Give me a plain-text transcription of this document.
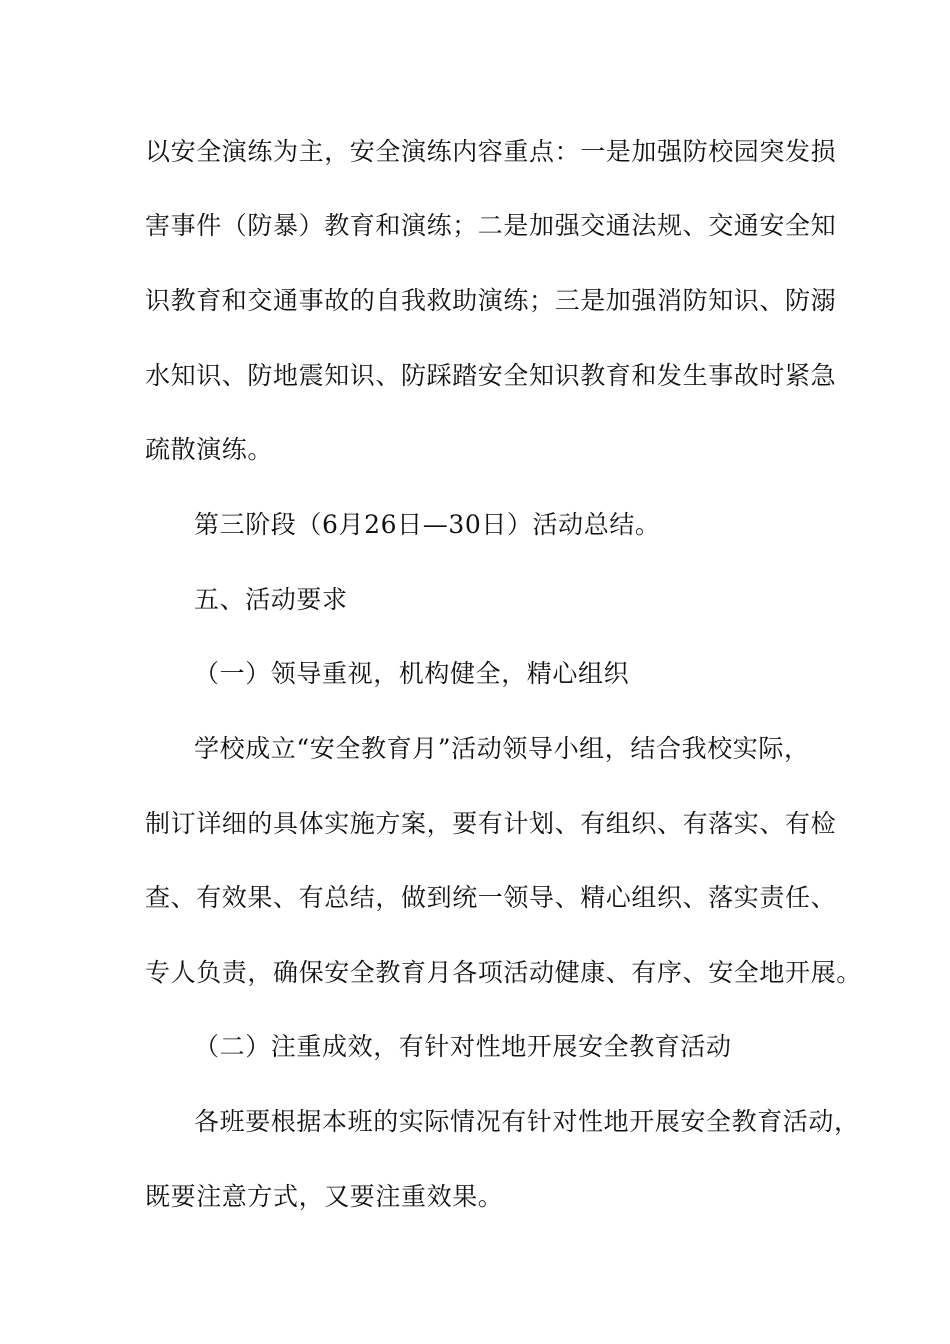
以安全演练为主，安全演练内容重点：一是加强防校园突发损
害事件（防暴）教育和演练；二是加强交通法规、交通安全知
识教育和交通事故的自我救助演练；三是加强消防知识、防溺
水知识、防地震知识、防踩踏安全知识教育和发生事故时紧急
疏散演练。
第三阶段（6月26日—30日）活动总结。
五、活动要求
（一）领导重视，机构健全，精心组织
学校成立“安全教育月”活动领导小组，结合我校实际，
制订详细的具体实施方案，要有计划、有组织、有落实、有检
查、有效果、有总结，做到统一领导、精心组织、落实责任、
专人负责，确保安全教育月各项活动健康、有序、安全地开展。
（二）注重成效，有针对性地开展安全教育活动
各班要根据本班的实际情况有针对性地开展安全教育活动，
既要注意方式，又要注重效果。
